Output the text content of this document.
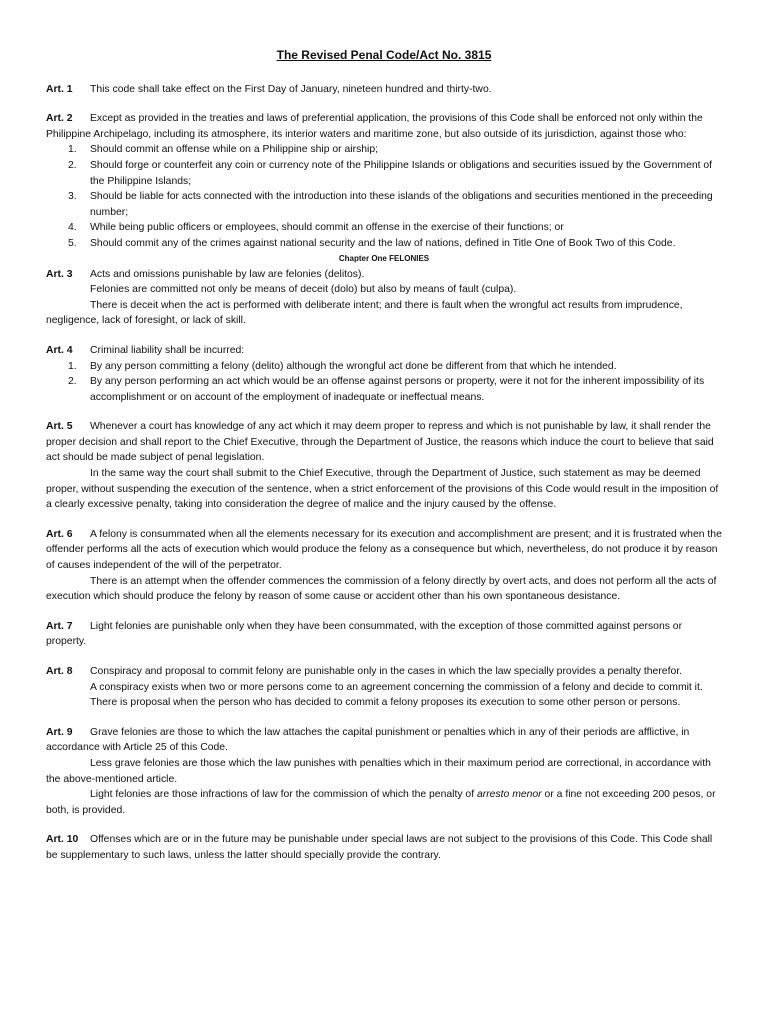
The Revised Penal Code/Act No. 3815
Art. 1 This code shall take effect on the First Day of January, nineteen hundred and thirty-two.
Art. 2	Except as provided in the treaties and laws of preferential application, the provisions of this Code shall be enforced not only within the Philippine Archipelago, including its atmosphere, its interior waters and maritime zone, but also outside of its jurisdiction, against those who:
1. Should commit an offense while on a Philippine ship or airship;
2. Should forge or counterfeit any coin or currency note of the Philippine Islands or obligations and securities issued by the Government of the Philippine Islands;
3. Should be liable for acts connected with the introduction into these islands of the obligations and securities mentioned in the preceeding number;
4. While being public officers or employees, should commit an offense in the exercise of their functions; or
5. Should commit any of the crimes against national security and the law of nations, defined in Title One of Book Two of this Code.
Chapter One FELONIES
Art. 3 Acts and omissions punishable by law are felonies (delitos).

Felonies are committed not only be means of deceit (dolo) but also by means of fault (culpa).

There is deceit when the act is performed with deliberate intent; and there is fault when the wrongful act results from imprudence, negligence, lack of foresight, or lack of skill.

Art. 4 Criminal liability shall be incurred:
1. By any person committing a felony (delito) although the wrongful act done be different from that which he intended.
2. By any person performing an act which would be an offense against persons or property, were it not for the inherent impossibility of its accomplishment or on account of the employment of inadequate or ineffectual means.
Art. 5	Whenever a court has knowledge of any act which it may deem proper to repress and which is not punishable by law, it shall render the proper decision and shall report to the Chief Executive, through the Department of Justice, the reasons which induce the court to believe that said act should be made subject of penal legislation.

In the same way the court shall submit to the Chief Executive, through the Department of Justice, such statement as may be deemed proper, without suspending the execution of the sentence, when a strict enforcement of the provisions of this Code would result in the imposition of a clearly excessive penalty, taking into consideration the degree of malice and the injury caused by the offense.

Art. 6	A felony is consummated when all the elements necessary for its execution and accomplishment are present; and it is frustrated when the offender performs all the acts of execution which would produce the felony as a consequence but which, nevertheless, do not produce it by reason of causes independent of the will of the perpetrator.

There is an attempt when the offender commences the commission of a felony directly by overt acts, and does not perform all the acts of execution which should produce the felony by reason of some cause or accident other than his own spontaneous desistance.

Art. 7	Light felonies are punishable only when they have been consummated, with the exception of those committed against persons or property.
Art. 8	Conspiracy and proposal to commit felony are punishable only in the cases in which the law specially provides a penalty therefor.

A conspiracy exists when two or more persons come to an agreement concerning the commission of a felony and decide to commit it.

There is proposal when the person who has decided to commit a felony proposes its execution to some other person or persons.

Art. 9	Grave felonies are those to which the law attaches the capital punishment or penalties which in any of their periods are afflictive, in accordance with Article 25 of this Code.

Less grave felonies are those which the law punishes with penalties which in their maximum period are correctional, in accordance with the above-mentioned article.

Light felonies are those infractions of law for the commission of which the penalty of arresto menor or a fine not exceeding 200 pesos, or both, is provided.

Art. 10	Offenses which are or in the future may be punishable under special laws are not subject to the provisions of this Code. This Code shall be supplementary to such laws, unless the latter should specially provide the contrary.
